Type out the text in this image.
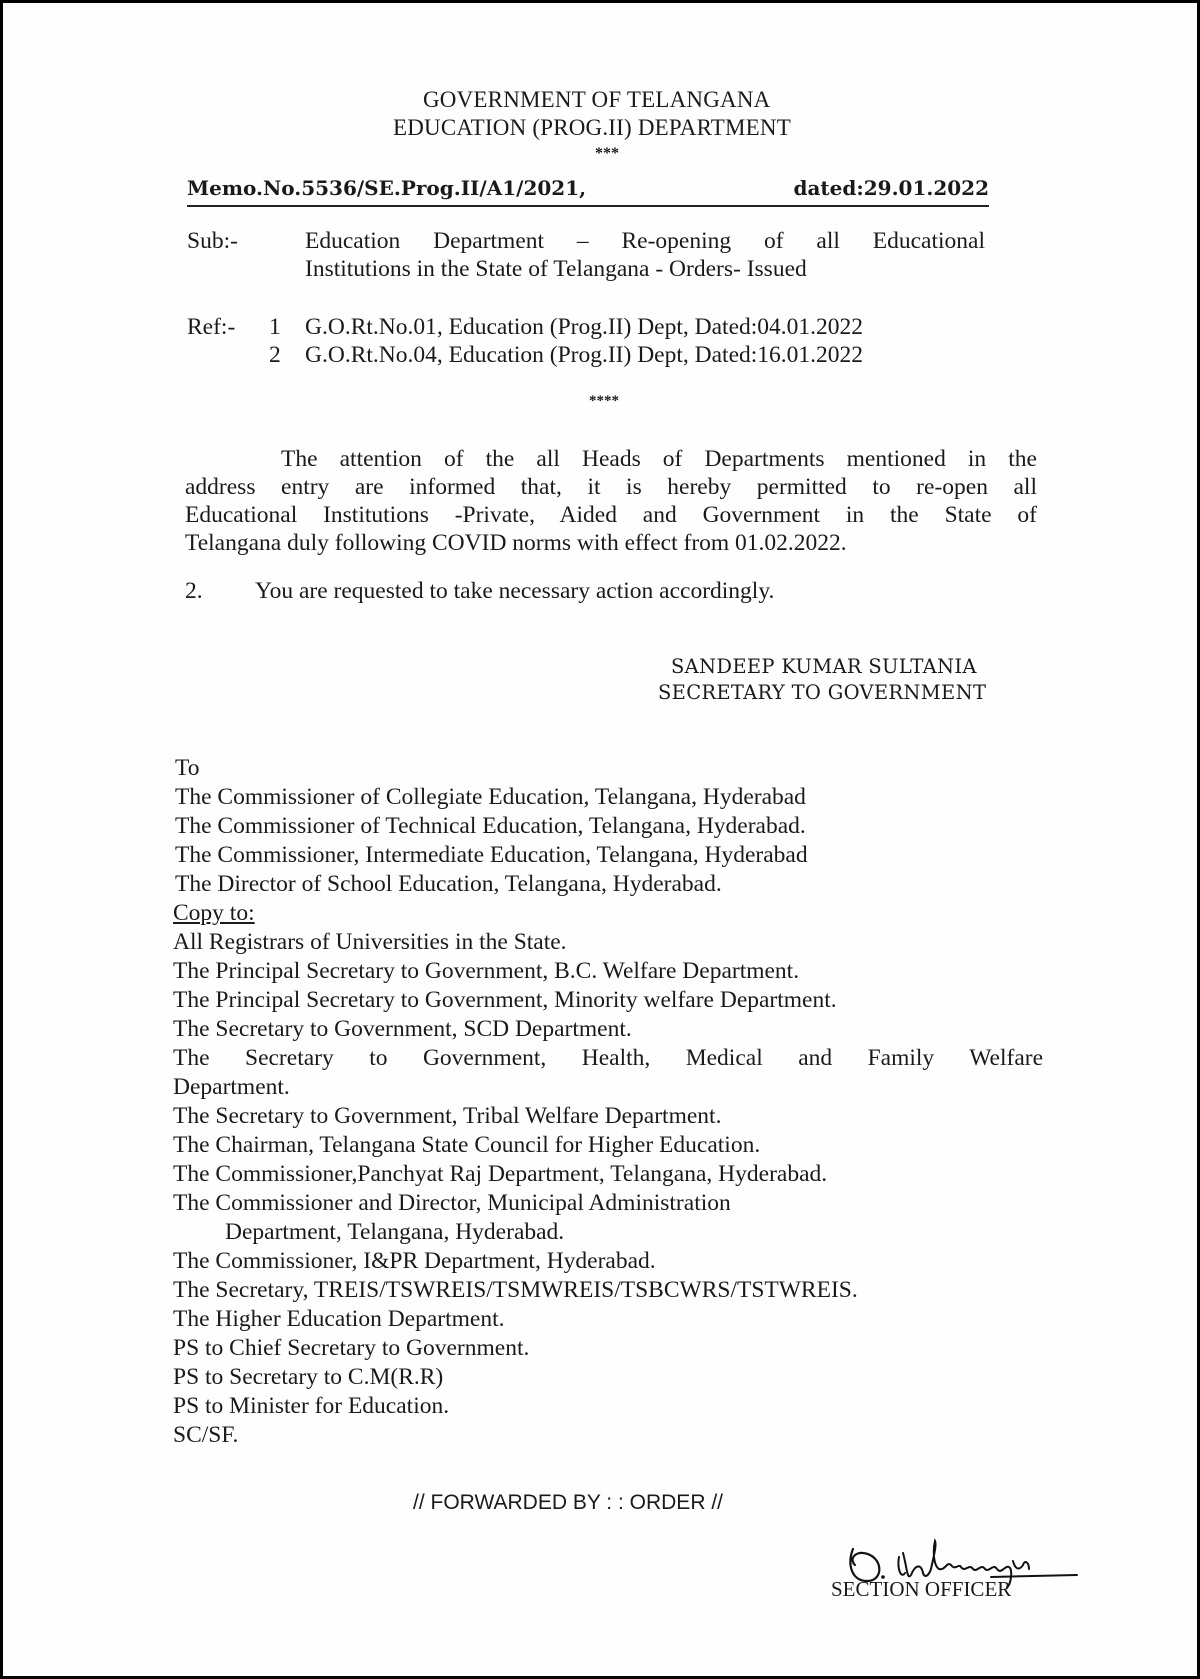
GOVERNMENT OF TELANGANA
EDUCATION (PROG.II) DEPARTMENT
***
Memo.No.5536/SE.Prog.II/A1/2021,	dated:29.01.2022
Sub:-	Education Department – Re-opening of all Educational
Institutions in the State of Telangana - Orders- Issued
Ref:- 1 G.O.Rt.No.01, Education (Prog.II) Dept, Dated:04.01.2022
2 G.O.Rt.No.04, Education (Prog.II) Dept, Dated:16.01.2022
****
The attention of the all Heads of Departments mentioned in the
address entry are informed that, it is hereby permitted to re-open all
Educational Institutions -Private, Aided and Government in the State of
Telangana duly following COVID norms with effect from 01.02.2022.
2. You are requested to take necessary action accordingly.
SANDEEP KUMAR SULTANIA
SECRETARY TO GOVERNMENT
To
The Commissioner of Collegiate Education, Telangana, Hyderabad
The Commissioner of Technical Education, Telangana, Hyderabad.
The Commissioner, Intermediate Education, Telangana, Hyderabad
The Director of School Education, Telangana, Hyderabad.
Copy to:
All Registrars of Universities in the State.
The Principal Secretary to Government, B.C. Welfare Department.
The Principal Secretary to Government, Minority welfare Department.
The Secretary to Government, SCD Department.
The Secretary to Government, Health, Medical and Family Welfare
Department.
The Secretary to Government, Tribal Welfare Department.
The Chairman, Telangana State Council for Higher Education.
The Commissioner,Panchyat Raj Department, Telangana, Hyderabad.
The Commissioner and Director, Municipal Administration
Department, Telangana, Hyderabad.
The Commissioner, I&PR Department, Hyderabad.
The Secretary, TREIS/TSWREIS/TSMWREIS/TSBCWRS/TSTWREIS.
The Higher Education Department.
PS to Chief Secretary to Government.
PS to Secretary to C.M(R.R)
PS to Minister for Education.
SC/SF.
// FORWARDED BY : : ORDER //
SECTION OFFICER
